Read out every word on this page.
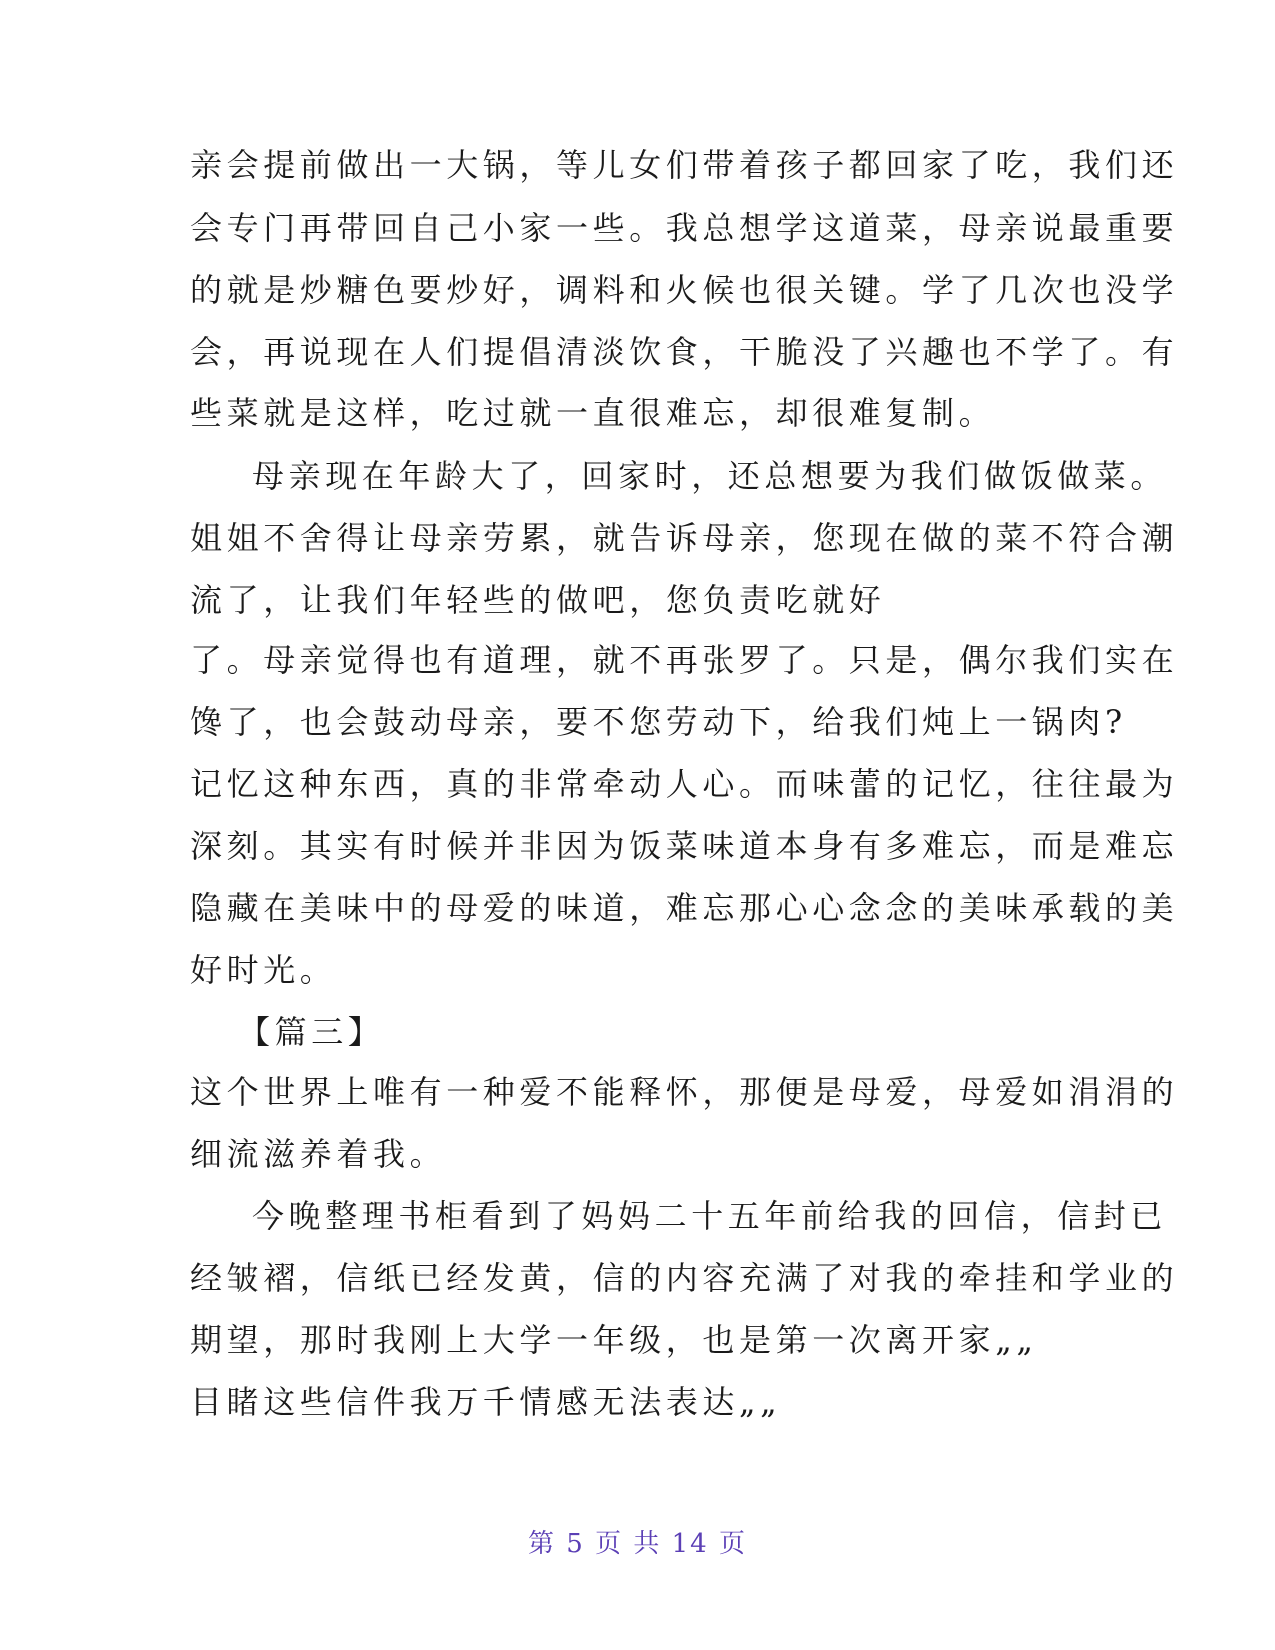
亲会提前做出一大锅，等儿女们带着孩子都回家了吃，我们还
会专门再带回自己小家一些。我总想学这道菜，母亲说最重要
的就是炒糖色要炒好，调料和火候也很关键。学了几次也没学
会，再说现在人们提倡清淡饮食，干脆没了兴趣也不学了。有
些菜就是这样，吃过就一直很难忘，却很难复制。
母亲现在年龄大了，回家时，还总想要为我们做饭做菜。
姐姐不舍得让母亲劳累，就告诉母亲，您现在做的菜不符合潮
流了，让我们年轻些的做吧，您负责吃就好
了。母亲觉得也有道理，就不再张罗了。只是，偶尔我们实在
馋了，也会鼓动母亲，要不您劳动下，给我们炖上一锅肉?
记忆这种东西，真的非常牵动人心。而味蕾的记忆，往往最为
深刻。其实有时候并非因为饭菜味道本身有多难忘，而是难忘
隐藏在美味中的母爱的味道，难忘那心心念念的美味承载的美
好时光。
【篇三】
这个世界上唯有一种爱不能释怀，那便是母爱，母爱如涓涓的
细流滋养着我。
今晚整理书柜看到了妈妈二十五年前给我的回信，信封已
经皱褶，信纸已经发黄，信的内容充满了对我的牵挂和学业的
期望，那时我刚上大学一年级，也是第一次离开家„„
目睹这些信件我万千情感无法表达„„
第 5 页 共 14 页
